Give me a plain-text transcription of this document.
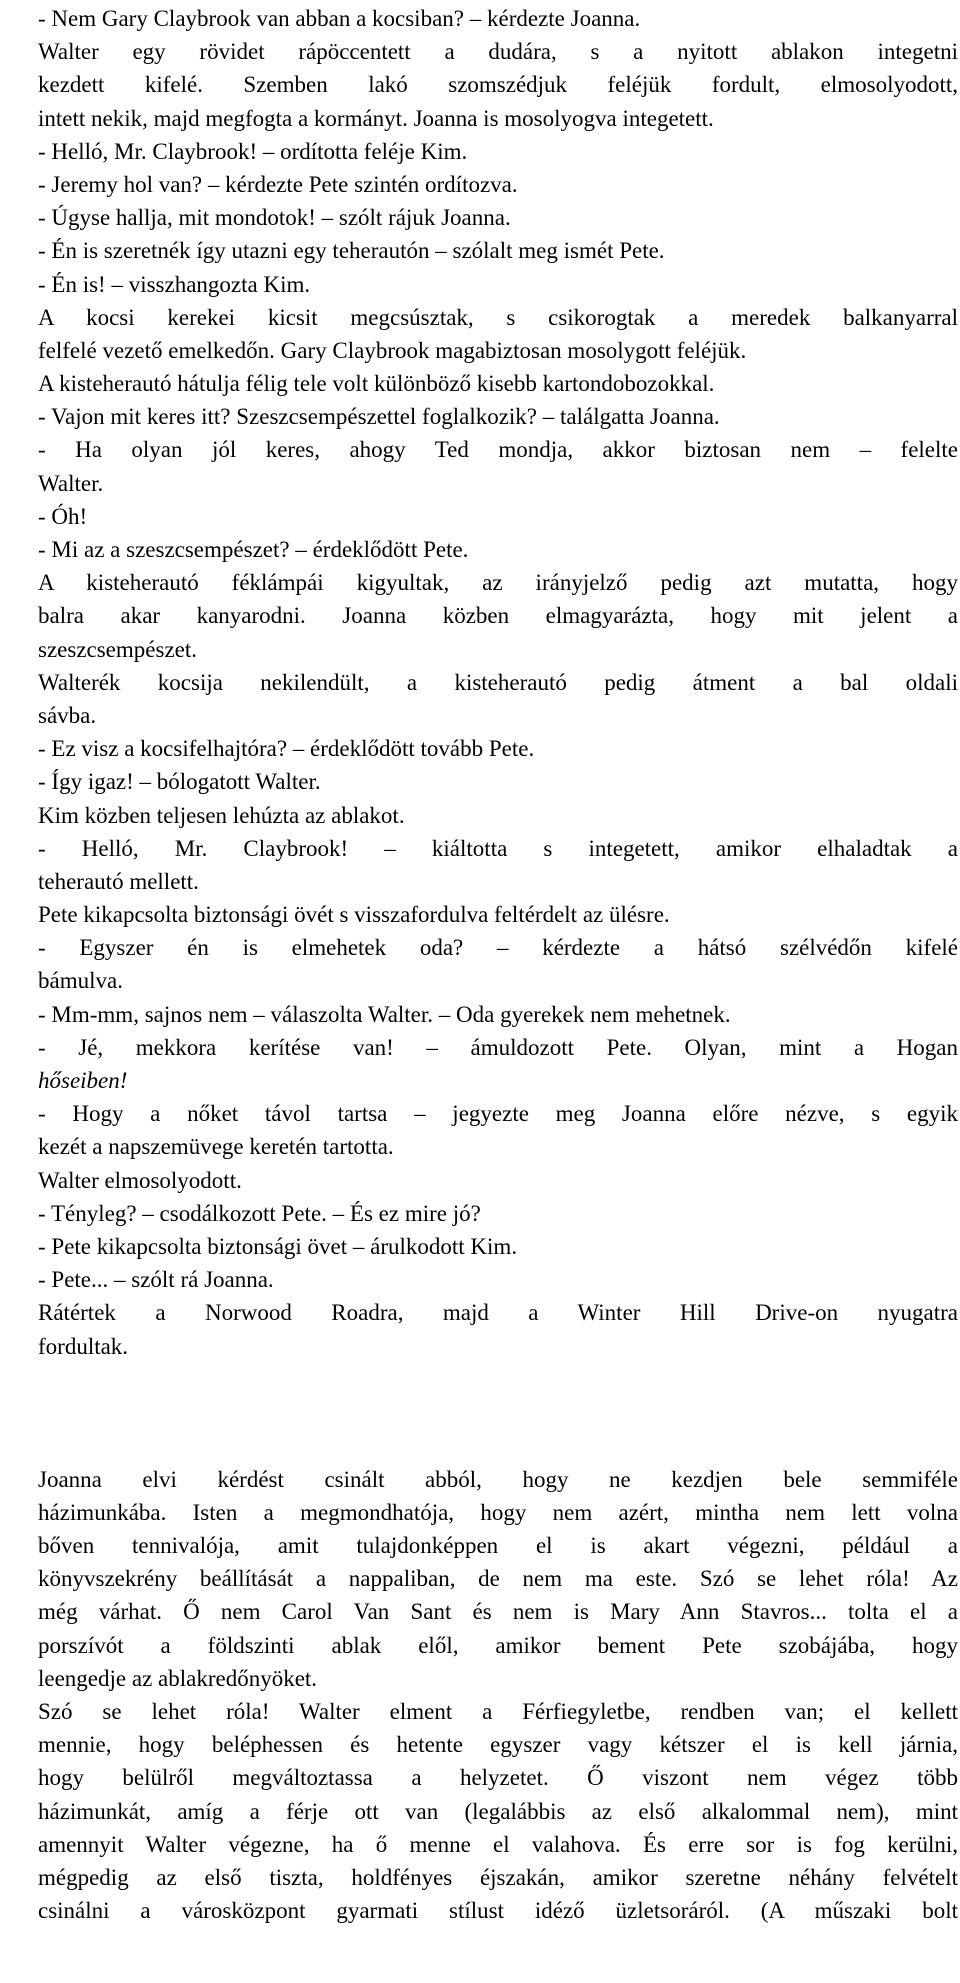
- Nem Gary Claybrook van abban a kocsiban? – kérdezte Joanna.
Walter egy rövidet rápöccentett a dudára, s a nyitott ablakon integetni
kezdett kifelé. Szemben lakó szomszédjuk feléjük fordult, elmosolyodott,
intett nekik, majd megfogta a kormányt. Joanna is mosolyogva integetett.
- Helló, Mr. Claybrook! – ordította feléje Kim.
- Jeremy hol van? – kérdezte Pete szintén ordítozva.
- Úgyse hallja, mit mondotok! – szólt rájuk Joanna.
- Én is szeretnék így utazni egy teherautón – szólalt meg ismét Pete.
- Én is! – visszhangozta Kim.
A kocsi kerekei kicsit megcsúsztak, s csikorogtak a meredek balkanyarral
felfelé vezető emelkedőn. Gary Claybrook magabiztosan mosolygott feléjük.
A kisteherautó hátulja félig tele volt különböző kisebb kartondobozokkal.
- Vajon mit keres itt? Szeszcsempészettel foglalkozik? – találgatta Joanna.
- Ha olyan jól keres, ahogy Ted mondja, akkor biztosan nem – felelte
Walter.
- Óh!
- Mi az a szeszcsempészet? – érdeklődött Pete.
A kisteherautó féklámpái kigyultak, az irányjelző pedig azt mutatta, hogy
balra akar kanyarodni. Joanna közben elmagyarázta, hogy mit jelent a
szeszcsempészet.
Walterék kocsija nekilendült, a kisteherautó pedig átment a bal oldali
sávba.
- Ez visz a kocsifelhajtóra? – érdeklődött tovább Pete.
- Így igaz! – bólogatott Walter.
Kim közben teljesen lehúzta az ablakot.
- Helló, Mr. Claybrook! – kiáltotta s integetett, amikor elhaladtak a
teherautó mellett.
Pete kikapcsolta biztonsági övét s visszafordulva feltérdelt az ülésre.
- Egyszer én is elmehetek oda? – kérdezte a hátsó szélvédőn kifelé
bámulva.
- Mm-mm, sajnos nem – válaszolta Walter. – Oda gyerekek nem mehetnek.
- Jé, mekkora kerítése van! – ámuldozott Pete. Olyan, mint a Hogan
hőseiben!
- Hogy a nőket távol tartsa – jegyezte meg Joanna előre nézve, s egyik
kezét a napszemüvege keretén tartotta.
Walter elmosolyodott.
- Tényleg? – csodálkozott Pete. – És ez mire jó?
- Pete kikapcsolta biztonsági övet – árulkodott Kim.
- Pete... – szólt rá Joanna.
Rátértek a Norwood Roadra, majd a Winter Hill Drive-on nyugatra
fordultak.
Joanna elvi kérdést csinált abból, hogy ne kezdjen bele semmiféle
házimunkába. Isten a megmondhatója, hogy nem azért, mintha nem lett volna
bőven tennivalója, amit tulajdonképpen el is akart végezni, például a
könyvszekrény beállítását a nappaliban, de nem ma este. Szó se lehet róla! Az
még várhat. Ő nem Carol Van Sant és nem is Mary Ann Stavros... tolta el a
porszívót a földszinti ablak elől, amikor bement Pete szobájába, hogy
leengedje az ablakredőnyöket.
Szó se lehet róla! Walter elment a Férfiegyletbe, rendben van; el kellett
mennie, hogy beléphessen és hetente egyszer vagy kétszer el is kell járnia,
hogy belülről megváltoztassa a helyzetet. Ő viszont nem végez több
házimunkát, amíg a férje ott van (legalábbis az első alkalommal nem), mint
amennyit Walter végezne, ha ő menne el valahova. És erre sor is fog kerülni,
mégpedig az első tiszta, holdfényes éjszakán, amikor szeretne néhány felvételt
csinálni a városközpont gyarmati stílust idéző üzletsoráról. (A műszaki bolt
